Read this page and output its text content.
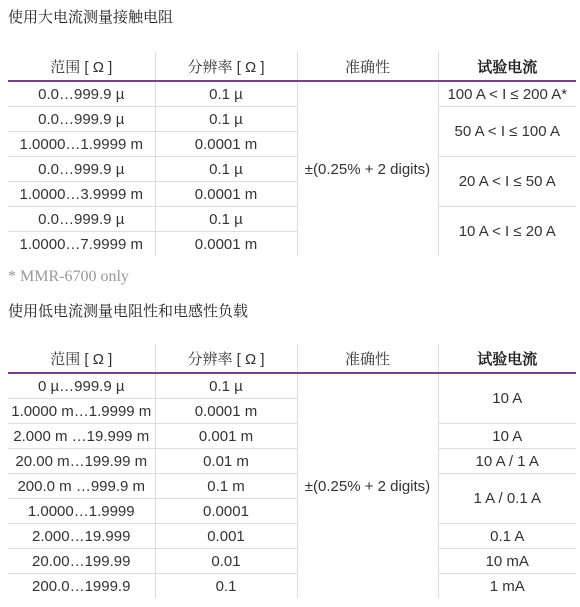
使用大电流测量接触电阻
范围 [ Ω ]	分辨率 [ Ω ]	准确性	试验电流
0.0…999.9 µ	0.1 µ	±(0.25% + 2 digits)	100 A < I ≤ 200 A*
0.0…999.9 µ	0.1 µ		50 A < I ≤ 100 A
1.0000…1.9999 m	0.0001 m		
0.0…999.9 µ	0.1 µ		20 A < I ≤ 50 A
1.0000…3.9999 m	0.0001 m		
0.0…999.9 µ	0.1 µ		10 A < I ≤ 20 A
1.0000…7.9999 m	0.0001 m		
* MMR-6700 only
使用低电流测量电阻性和电感性负载
范围 [ Ω ]	分辨率 [ Ω ]	准确性	试验电流
0 µ…999.9 µ	0.1 µ	±(0.25% + 2 digits)	10 A
1.0000 m…1.9999 m	0.0001 m		
2.000 m …19.999 m	0.001 m		10 A
20.00 m…199.99 m	0.01 m		10 A / 1 A
200.0 m …999.9 m	0.1 m		1 A / 0.1 A
1.0000…1.9999	0.0001		
2.000…19.999	0.001		0.1 A
20.00…199.99	0.01		10 mA
200.0…1999.9	0.1		1 mA
